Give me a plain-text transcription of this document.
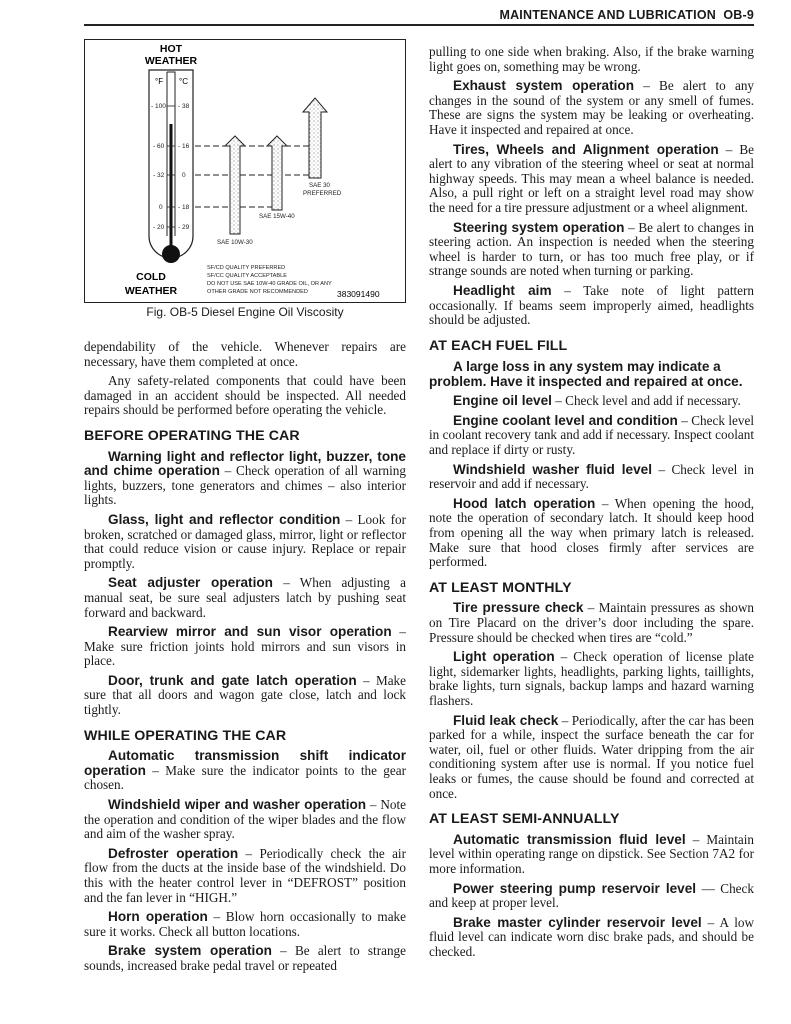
MAINTENANCE AND LUBRICATION OB-9
HOT
WEATHER
°F °C
- 100 - 38
- 60 - 16
- 32	0
0 - 18
- 20 - 29
SAE 30
PREFERRED
SAE 15W-40
SAE 10W-30
COLD
WEATHER
SF/CD QUALITY PREFERRED
SF/CC QUALITY ACCEPTABLE
DO NOT USE SAE 10W-40 GRADE OIL, OR ANY
OTHER GRADE NOT RECOMMENDED	383091490
Fig. OB-5 Diesel Engine Oil Viscosity

dependability of the vehicle. Whenever repairs are necessary, have them completed at once.

Any safety-related components that could have been damaged in an accident should be inspected. All needed repairs should be performed before operating the vehicle.

BEFORE OPERATING THE CAR

Warning light and reflector light, buzzer, tone and chime operation – Check operation of all warning lights, buzzers, tone generators and chimes – also interior lights.

Glass, light and reflector condition – Look for broken, scratched or damaged glass, mirror, light or reflector that could reduce vision or cause injury. Replace or repair promptly.

Seat adjuster operation – When adjusting a manual seat, be sure seal adjusters latch by pushing seat forward and backward.

Rearview mirror and sun visor operation – Make sure friction joints hold mirrors and sun visors in place.

Door, trunk and gate latch operation – Make sure that all doors and wagon gate close, latch and lock tightly.

WHILE OPERATING THE CAR

Automatic transmission shift indicator operation – Make sure the indicator points to the gear chosen.

Windshield wiper and washer operation – Note the operation and condition of the wiper blades and the flow and aim of the washer spray.

Defroster operation – Periodically check the air flow from the ducts at the inside base of the windshield. Do this with the heater control lever in “DEFROST” position and the fan lever in “HIGH.”

Horn operation – Blow horn occasionally to make sure it works. Check all button locations.

Brake system operation – Be alert to strange sounds, increased brake pedal travel or repeated

pulling to one side when braking. Also, if the brake warning light goes on, something may be wrong.

Exhaust system operation – Be alert to any changes in the sound of the system or any smell of fumes. These are signs the system may be leaking or overheating. Have it inspected and repaired at once.

Tires, Wheels and Alignment operation – Be alert to any vibration of the steering wheel or seat at normal highway speeds. This may mean a wheel balance is needed. Also, a pull right or left on a straight level road may show the need for a tire pressure adjustment or a wheel alignment.

Steering system operation – Be alert to changes in steering action. An inspection is needed when the steering wheel is harder to turn, or has too much free play, or if strange sounds are noted when turning or parking.

Headlight aim – Take note of light pattern occasionally. If beams seem improperly aimed, headlights should be adjusted.

AT EACH FUEL FILL

A large loss in any system may indicate a problem. Have it inspected and repaired at once.

Engine oil level – Check level and add if necessary.

Engine coolant level and condition – Check level in coolant recovery tank and add if necessary. Inspect coolant and replace if dirty or rusty.

Windshield washer fluid level – Check level in reservoir and add if necessary.

Hood latch operation – When opening the hood, note the operation of secondary latch. It should keep hood from opening all the way when primary latch is released. Make sure that hood closes firmly after services are performed.

AT LEAST MONTHLY

Tire pressure check – Maintain pressures as shown on Tire Placard on the driver’s door including the spare. Pressure should be checked when tires are “cold.”

Light operation – Check operation of license plate light, sidemarker lights, headlights, parking lights, taillights, brake lights, turn signals, backup lamps and hazard warning flashers.

Fluid leak check – Periodically, after the car has been parked for a while, inspect the surface beneath the car for water, oil, fuel or other fluids. Water dripping from the air conditioning system after use is normal. If you notice fuel leaks or fumes, the cause should be found and corrected at once.

AT LEAST SEMI-ANNUALLY

Automatic transmission fluid level – Maintain level within operating range on dipstick. See Section 7A2 for more information.

Power steering pump reservoir level — Check and keep at proper level.

Brake master cylinder reservoir level – A low fluid level can indicate worn disc brake pads, and should be checked.
